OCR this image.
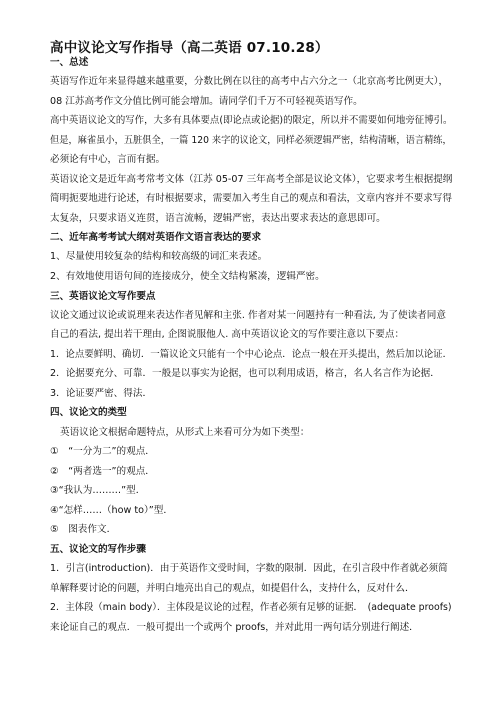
高中议论文写作指导（高二英语 07.10.28）
一、总述
英语写作近年来显得越来越重要，分数比例在以往的高考中占六分之一（北京高考比例更大），
08 江苏高考作文分值比例可能会增加。请同学们千万不可轻视英语写作。
高中英语议论文的写作，大多有具体要点(即论点或论据)的限定，所以并不需要如何地旁征博引。
但是，麻雀虽小，五脏俱全，一篇 120 来字的议论文，同样必须逻辑严密，结构清晰，语言精练，
必须论有中心，言而有据。
英语议论文是近年高考常考文体（江苏 05-07 三年高考全部是议论文体），它要求考生根据提纲
简明扼要地进行论述，有时根据要求，需要加入考生自己的观点和看法，文章内容并不要求写得
太复杂，只要求语义连贯，语言流畅，逻辑严密，表达出要求表达的意思即可。
二、近年高考考试大纲对英语作文语言表达的要求
1、尽量使用较复杂的结构和较高级的词汇来表述。
2、有效地使用语句间的连接成分，使全文结构紧凑，逻辑严密。
三、英语议论文写作要点
议论文通过议论或说理来表达作者见解和主张. 作者对某一问题持有一种看法, 为了使读者同意
自己的看法, 提出若干理由, 企图说服他人. 高中英语议论文的写作要注意以下要点：
1．论点要鲜明、确切．一篇议论文只能有一个中心论点．论点一般在开头提出，然后加以论证．
2．论据要充分、可靠．一般是以事实为论据，也可以利用成语，格言，名人名言作为论据．
3．论证要严密、得法．
四、议论文的类型
英语议论文根据命题特点，从形式上来看可分为如下类型：
①　“一分为二”的观点．
②　“两者选一”的观点．
③“我认为………”型．
④“怎样……（how to）”型．
⑤　图表作文．
五、议论文的写作步骤
1．引言(introduction)．由于英语作文受时间，字数的限制．因此，在引言段中作者就必须简
单解释要讨论的问题，并明白地亮出自己的观点，如提倡什么，支持什么，反对什么．
2．主体段（main body）．主体段是议论的过程，作者必须有足够的证据．　(adequate proofs)
来论证自己的观点．一般可提出一个或两个 proofs，并对此用一两句话分别进行阐述．
